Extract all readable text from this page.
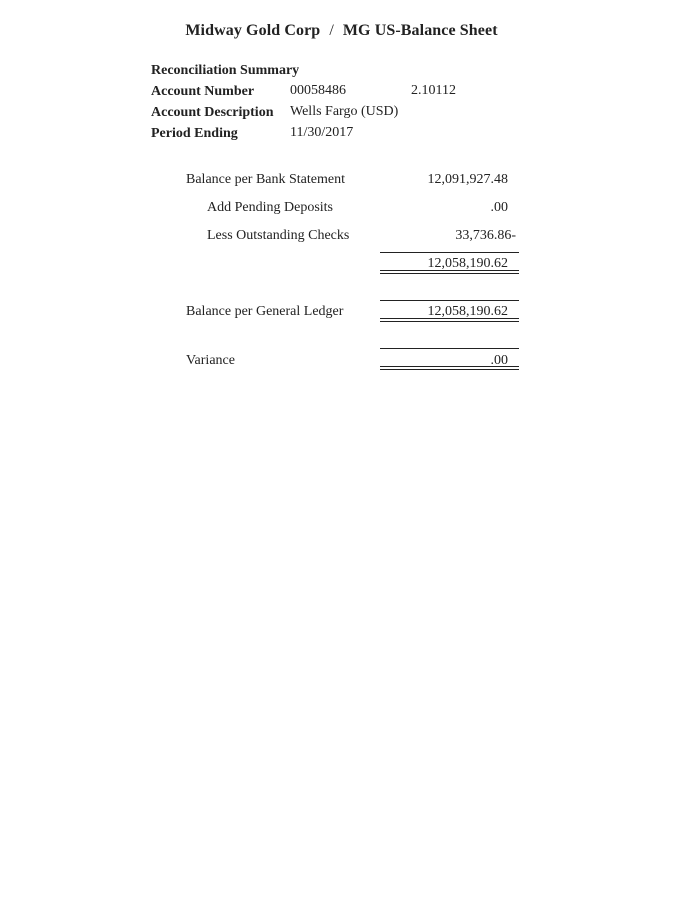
Midway Gold Corp / MG US-Balance Sheet
Reconciliation Summary
Account Number	00058486	2.10112
Account Description Wells Fargo (USD)
Period Ending	11/30/2017
Balance per Bank Statement	12,091,927.48
Add Pending Deposits	.00
Less Outstanding Checks	33,736.86-
12,058,190.62
Balance per General Ledger	12,058,190.62
Variance	.00
